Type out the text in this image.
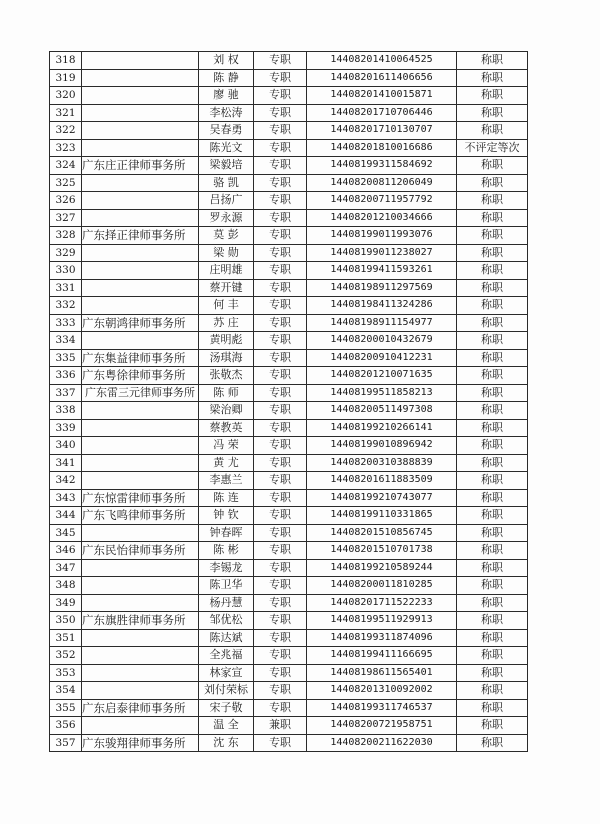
318		刘 权	专职	14408201410064525	称职
319		陈 静	专职	14408201611406656	称职
320		廖 驰	专职	14408201410015871	称职
321		李松涛	专职	14408201710706446	称职
322		吴春勇	专职	14408201710130707	称职
323		陈光文	专职	14408201810016686	不评定等次
324	广东庄正律师事务所	梁毅培	专职	14408199311584692	称职
325		骆 凯	专职	14408200811206049	称职
326		吕扬广	专职	14408200711957792	称职
327		罗永源	专职	14408201210034666	称职
328	广东择正律师事务所	莫 彭	专职	14408199011993076	称职
329		梁 勋	专职	14408199011238027	称职
330		庄明雄	专职	14408199411593261	称职
331		蔡开键	专职	14408198911297569	称职
332		何 丰	专职	14408198411324286	称职
333	广东朝鸿律师事务所	苏 庄	专职	14408198911154977	称职
334		黄明彪	专职	14408200010432679	称职
335	广东集益律师事务所	汤琪海	专职	14408200910412231	称职
336	广东粤徐律师事务所	张敬杰	专职	14408201210071635	称职
337	广东雷三元律师事务所	陈 师	专职	14408199511858213	称职
338		梁治卿	专职	14408200511497308	称职
339		蔡教英	专职	14408199210266141	称职
340		冯 荣	专职	14408199010896942	称职
341		黄 尤	专职	14408200310388839	称职
342		李惠兰	专职	14408201611883509	称职
343	广东惊雷律师事务所	陈 连	专职	14408199210743077	称职
344	广东飞鸣律师事务所	钟 钦	专职	14408199110331865	称职
345		钟春晖	专职	14408201510856745	称职
346	广东民怡律师事务所	陈 彬	专职	14408201510701738	称职
347		李锡龙	专职	14408199210589244	称职
348		陈卫华	专职	14408200011810285	称职
349		杨丹慧	专职	14408201711522233	称职
350	广东旗胜律师事务所	邹优松	专职	14408199511929913	称职
351		陈达斌	专职	14408199311874096	称职
352		全兆福	专职	14408199411166695	称职
353		林家宣	专职	14408198611565401	称职
354		刘付荣标	专职	14408201310092002	称职
355	广东启泰律师事务所	宋子敬	专职	14408199311746537	称职
356		温 全	兼职	14408200721958751	称职
357	广东骏翔律师事务所	沈 东	专职	14408200211622030	称职
